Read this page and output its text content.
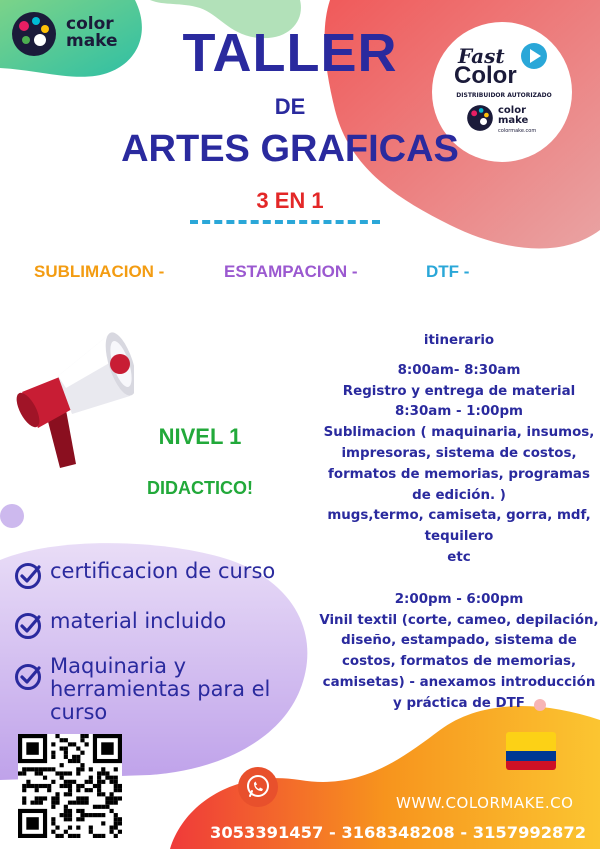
color
make
Fast
Color
DISTRIBUIDOR AUTORIZADO
color
make
colormake.com
TALLER
DE
ARTES GRAFICAS
3 EN 1
SUBLIMACION -	ESTAMPACION -	DTF -
NIVEL 1
DIDACTICO!
itinerario
8:00am- 8:30am
Registro y entrega de material
8:30am - 1:00pm
Sublimacion ( maquinaria, insumos,
impresoras, sistema de costos,
formatos de memorias, programas
de edición. )
mugs,termo, camiseta, gorra, mdf,
tequilero
etc
2:00pm - 6:00pm
Vinil textil (corte, cameo, depilación,
diseño, estampado, sistema de
costos, formatos de memorias,
camisetas) - anexamos introducción
y práctica de DTF
certificacion de curso
material incluido
Maquinaria y herramientas para el curso
WWW.COLORMAKE.CO
3053391457 - 3168348208 - 3157992872
